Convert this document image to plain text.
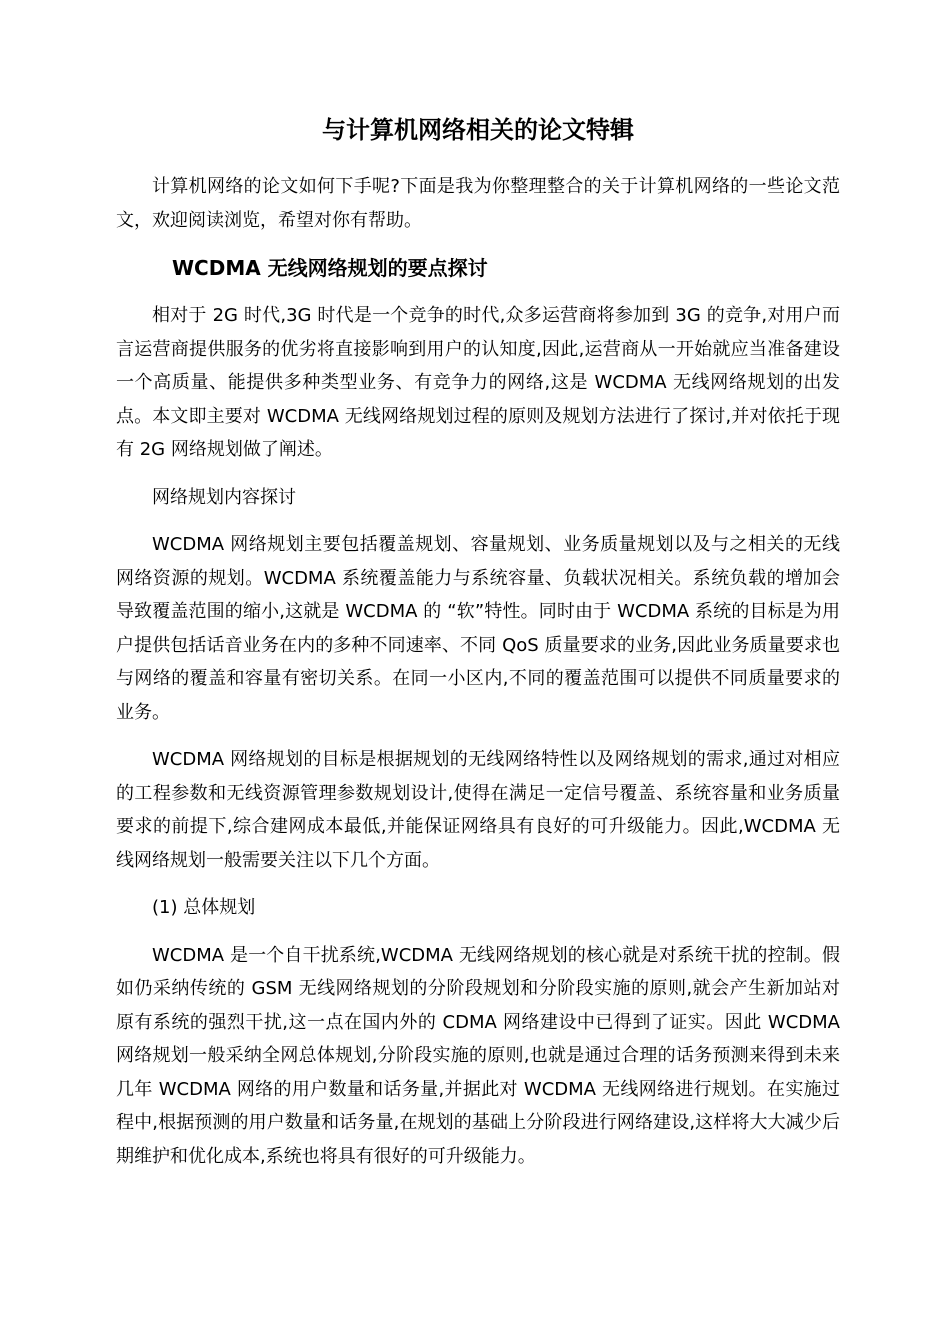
与计算机网络相关的论文特辑

计算机网络的论文如何下手呢?下面是我为你整理整合的关于计算机网络的一些论文范文，欢迎阅读浏览，希望对你有帮助。

WCDMA 无线网络规划的要点探讨

相对于 2G 时代,3G 时代是一个竞争的时代,众多运营商将参加到 3G 的竞争,对用户而言运营商提供服务的优劣将直接影响到用户的认知度,因此,运营商从一开始就应当准备建设一个高质量、能提供多种类型业务、有竞争力的网络,这是 WCDMA 无线网络规划的出发点。本文即主要对 WCDMA 无线网络规划过程的原则及规划方法进行了探讨,并对依托于现有 2G 网络规划做了阐述。

网络规划内容探讨

WCDMA 网络规划主要包括覆盖规划、容量规划、业务质量规划以及与之相关的无线网络资源的规划。WCDMA 系统覆盖能力与系统容量、负载状况相关。系统负载的增加会导致覆盖范围的缩小,这就是 WCDMA 的 “软”特性。同时由于 WCDMA 系统的目标是为用户提供包括话音业务在内的多种不同速率、不同 QoS 质量要求的业务,因此业务质量要求也与网络的覆盖和容量有密切关系。在同一小区内,不同的覆盖范围可以提供不同质量要求的业务。

WCDMA 网络规划的目标是根据规划的无线网络特性以及网络规划的需求,通过对相应的工程参数和无线资源管理参数规划设计,使得在满足一定信号覆盖、系统容量和业务质量要求的前提下,综合建网成本最低,并能保证网络具有良好的可升级能力。因此,WCDMA 无线网络规划一般需要关注以下几个方面。

(1) 总体规划

WCDMA 是一个自干扰系统,WCDMA 无线网络规划的核心就是对系统干扰的控制。假如仍采纳传统的 GSM 无线网络规划的分阶段规划和分阶段实施的原则,就会产生新加站对原有系统的强烈干扰,这一点在国内外的 CDMA 网络建设中已得到了证实。因此 WCDMA 网络规划一般采纳全网总体规划,分阶段实施的原则,也就是通过合理的话务预测来得到未来几年 WCDMA 网络的用户数量和话务量,并据此对 WCDMA 无线网络进行规划。在实施过程中,根据预测的用户数量和话务量,在规划的基础上分阶段进行网络建设,这样将大大减少后期维护和优化成本,系统也将具有很好的可升级能力。
